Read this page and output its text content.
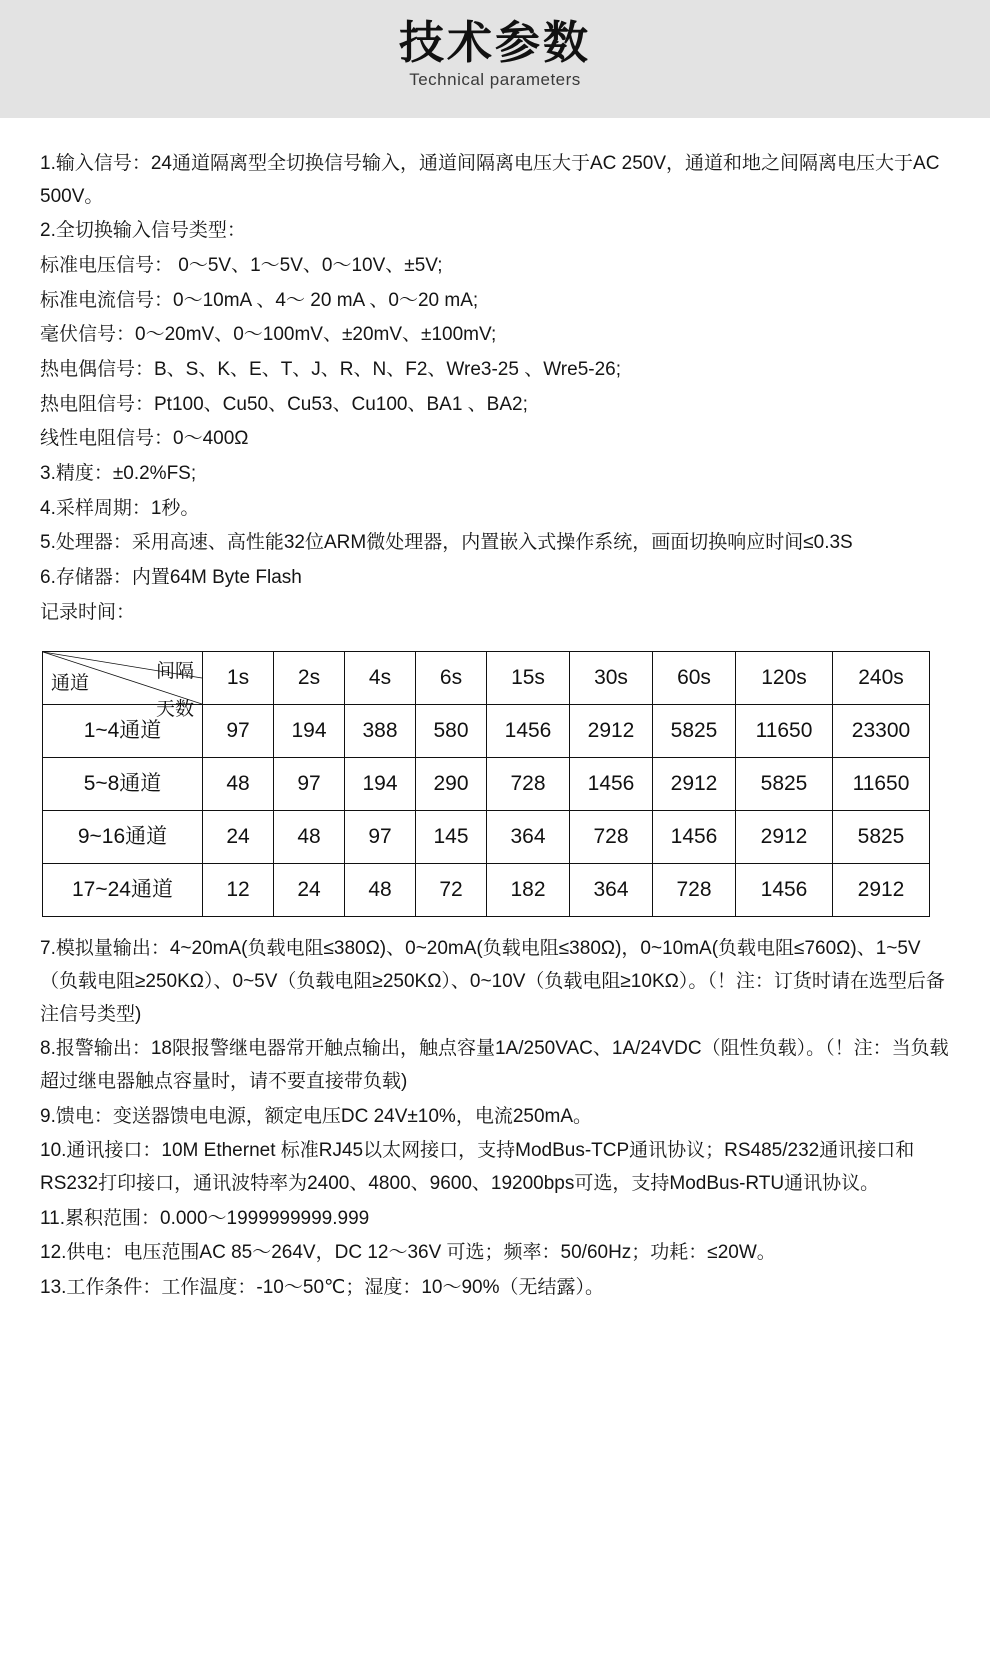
技术参数
Technical parameters

1.输入信号：24通道隔离型全切换信号输入，通道间隔离电压大于AC 250V，通道和地之间隔离电压大于AC 500V。

2.全切换输入信号类型：

标准电压信号： 0～5V、1～5V、0～10V、±5V;

标准电流信号：0～10mA 、4～ 20 mA 、0～20 mA;

毫伏信号：0～20mV、0～100mV、±20mV、±100mV;

热电偶信号：B、S、K、E、T、J、R、N、F2、Wre3-25 、Wre5-26;

热电阻信号：Pt100、Cu50、Cu53、Cu100、BA1 、BA2;

线性电阻信号：0～400Ω

3.精度：±0.2%FS;

4.采样周期：1秒。

5.处理器：采用高速、高性能32位ARM微处理器，内置嵌入式操作系统，画面切换响应时间≤0.3S

6.存储器：内置64M Byte Flash

记录时间：

间隔
天数
通道	1s	2s	4s	6s	15s	30s	60s	120s	240s
1~4通道	97	194	388	580	1456	2912	5825	11650	23300
5~8通道	48	97	194	290	728	1456	2912	5825	11650
9~16通道	24	48	97	145	364	728	1456	2912	5825
17~24通道	12	24	48	72	182	364	728	1456	2912

7.模拟量输出：4~20mA(负载电阻≤380Ω)、0~20mA(负载电阻≤380Ω)，0~10mA(负载电阻≤760Ω)、1~5V（负载电阻≥250KΩ）、0~5V（负载电阻≥250KΩ）、0~10V（负载电阻≥10KΩ）。（！注：订货时请在选型后备注信号类型)

8.报警输出：18限报警继电器常开触点输出，触点容量1A/250VAC、1A/24VDC（阻性负载）。（！注：当负载超过继电器触点容量时，请不要直接带负载)

9.馈电：变送器馈电电源，额定电压DC 24V±10%，电流250mA。

10.通讯接口：10M Ethernet 标准RJ45以太网接口，支持ModBus-TCP通讯协议；RS485/232通讯接口和RS232打印接口，通讯波特率为2400、4800、9600、19200bps可选，支持ModBus-RTU通讯协议。

11.累积范围：0.000～1999999999.999

12.供电：电压范围AC 85～264V，DC 12～36V 可选；频率：50/60Hz；功耗：≤20W。

13.工作条件：工作温度：-10～50℃；湿度：10～90%（无结露）。
